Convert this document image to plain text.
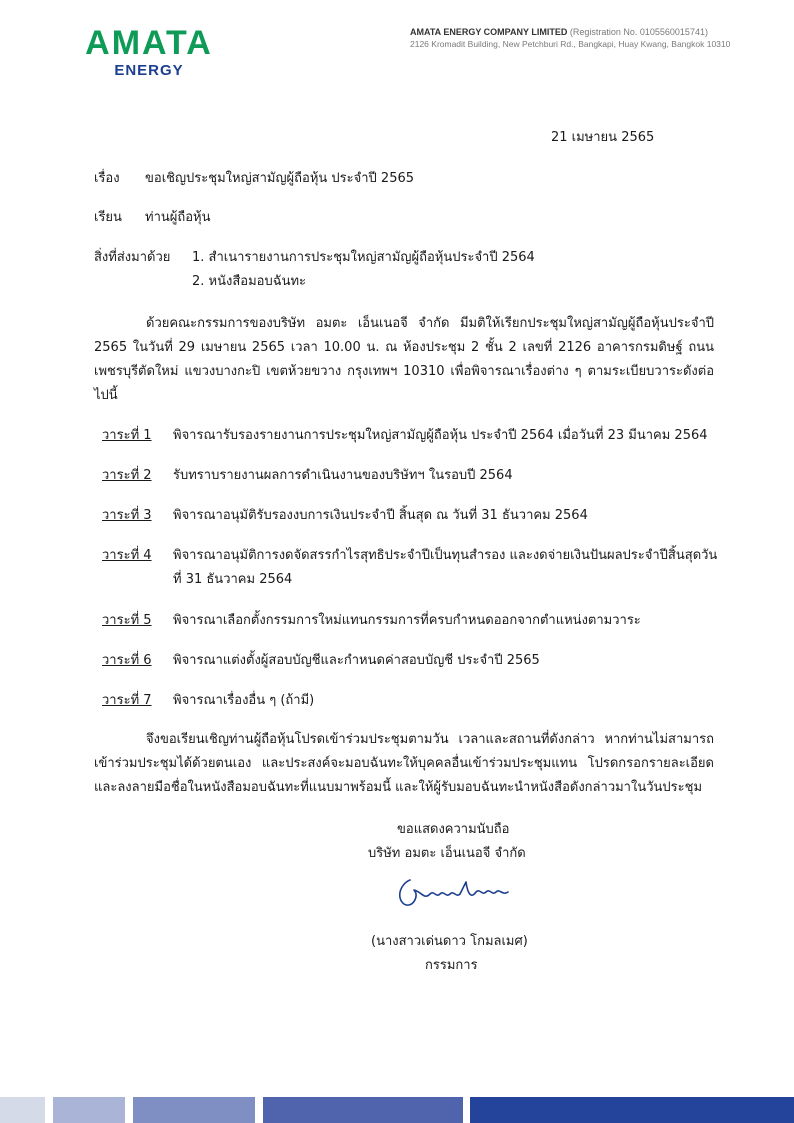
AMATA
ENERGY
AMATA ENERGY COMPANY LIMITED (Registration No. 0105560015741)
2126 Kromadit Building, New Petchburi Rd., Bangkapi, Huay Kwang, Bangkok 10310
21 เมษายน 2565
เรื่อง ขอเชิญประชุมใหญ่สามัญผู้ถือหุ้น ประจำปี 2565
เรียน ท่านผู้ถือหุ้น
สิ่งที่ส่งมาด้วย 1. สำเนารายงานการประชุมใหญ่สามัญผู้ถือหุ้นประจำปี 2564
2. หนังสือมอบฉันทะ

ด้วยคณะกรรมการของบริษัท อมตะ เอ็นเนอจี จำกัด มีมติให้เรียกประชุมใหญ่สามัญผู้ถือหุ้นประจำปี 2565 ในวันที่ 29 เมษายน 2565 เวลา 10.00 น. ณ ห้องประชุม 2 ชั้น 2 เลขที่ 2126 อาคารกรมดิษฐ์ ถนนเพชรบุรีตัดใหม่ แขวงบางกะปิ เขตห้วยขวาง กรุงเทพฯ 10310 เพื่อพิจารณาเรื่องต่าง ๆ ตามระเบียบวาระดังต่อไปนี้

วาระที่ 1 พิจารณารับรองรายงานการประชุมใหญ่สามัญผู้ถือหุ้น ประจำปี 2564 เมื่อวันที่ 23 มีนาคม 2564
วาระที่ 2 รับทราบรายงานผลการดำเนินงานของบริษัทฯ ในรอบปี 2564
วาระที่ 3 พิจารณาอนุมัติรับรองงบการเงินประจำปี สิ้นสุด ณ วันที่ 31 ธันวาคม 2564
วาระที่ 4 พิจารณาอนุมัติการงดจัดสรรกำไรสุทธิประจำปีเป็นทุนสำรอง และงดจ่ายเงินปันผลประจำปีสิ้นสุดวันที่ 31 ธันวาคม 2564
วาระที่ 5 พิจารณาเลือกตั้งกรรมการใหม่แทนกรรมการที่ครบกำหนดออกจากตำแหน่งตามวาระ
วาระที่ 6 พิจารณาแต่งตั้งผู้สอบบัญชีและกำหนดค่าสอบบัญชี ประจำปี 2565
วาระที่ 7 พิจารณาเรื่องอื่น ๆ (ถ้ามี)

จึงขอเรียนเชิญท่านผู้ถือหุ้นโปรดเข้าร่วมประชุมตามวัน เวลาและสถานที่ดังกล่าว หากท่านไม่สามารถเข้าร่วมประชุมได้ด้วยตนเอง และประสงค์จะมอบฉันทะให้บุคคลอื่นเข้าร่วมประชุมแทน โปรดกรอกรายละเอียดและลงลายมือชื่อในหนังสือมอบฉันทะที่แนบมาพร้อมนี้ และให้ผู้รับมอบฉันทะนำหนังสือดังกล่าวมาในวันประชุม

ขอแสดงความนับถือ
บริษัท อมตะ เอ็นเนอจี จำกัด
(นางสาวเด่นดาว โกมลเมศ)
กรรมการ
